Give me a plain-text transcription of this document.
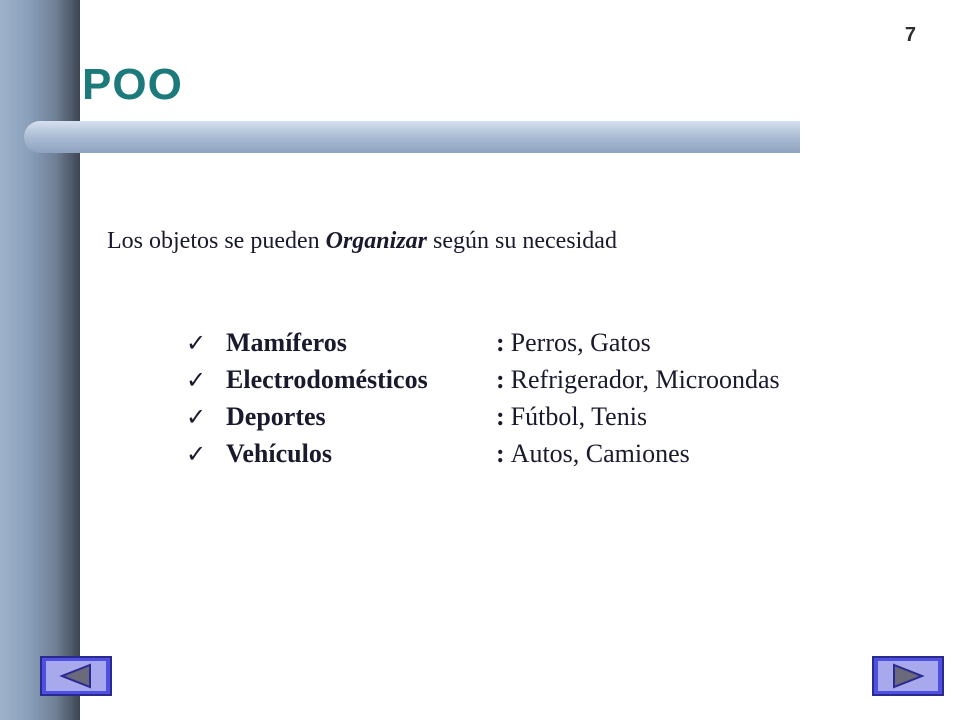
7
POO
Los objetos se pueden Organizar según su necesidad
✓ Mamíferos	: Perros, Gatos
✓ Electrodomésticos	: Refrigerador, Microondas
✓ Deportes	: Fútbol, Tenis
✓ Vehículos	: Autos, Camiones
